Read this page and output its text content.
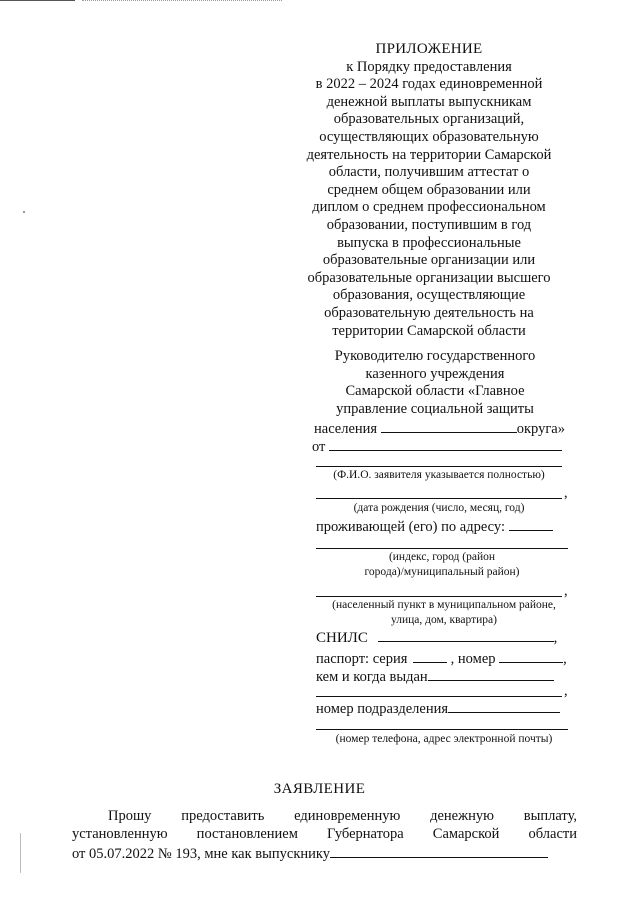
ПРИЛОЖЕНИЕ
к Порядку предоставления
в 2022 – 2024 годах единовременной
денежной выплаты выпускникам
образовательных организаций,
осуществляющих образовательную
деятельность на территории Самарской
области, получившим аттестат о
среднем общем образовании или
диплом о среднем профессиональном
образовании, поступившим в год
выпуска в профессиональные
образовательные организации или
образовательные организации высшего
образования, осуществляющие
образовательную деятельность на
территории Самарской области
Руководителю государственного
казенного учреждения
Самарской области «Главное
управление социальной защиты
населения	округа»
от
(Ф.И.О. заявителя указывается полностью)
,
(дата рождения (число, месяц, год)
проживающей (его) по адресу:
(индекс, город (район
города)/муниципальный район)
,
(населенный пункт в муниципальном районе,
улица, дом, квартира)
СНИЛС	,
паспорт: серия	, номер	,
кем и когда выдан
,
номер подразделения
(номер телефона, адрес электронной почты)
ЗАЯВЛЕНИЕ
Прошу предоставить единовременную денежную выплату,
установленную постановлением Губернатора Самарской области
от 05.07.2022 № 193, мне как выпускнику
